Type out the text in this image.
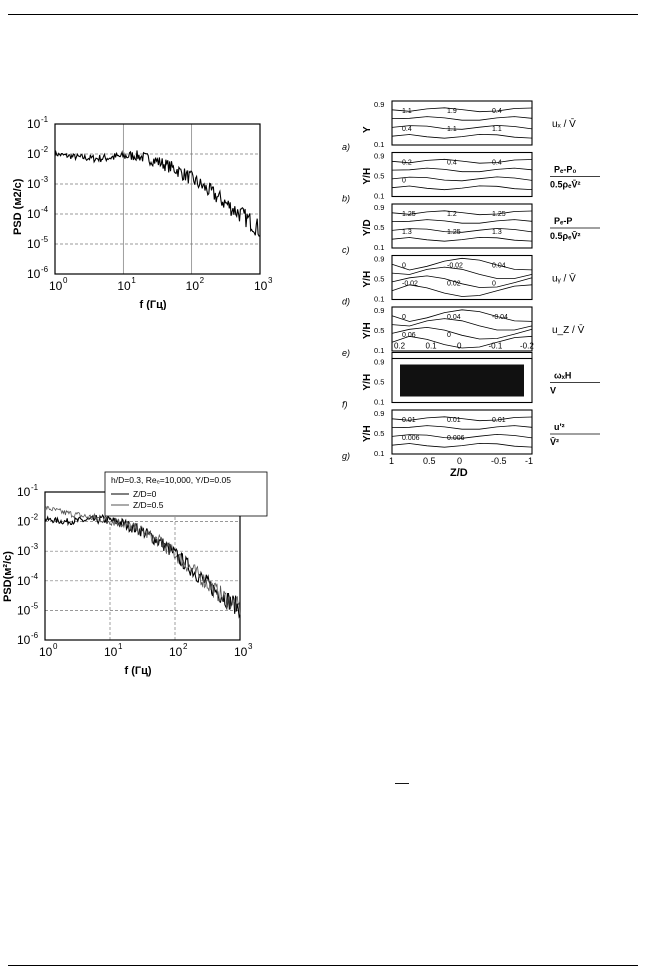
10 0	10 1	10 2	10 3
10 -1
10 -2
10 -3
10 -4
10 -5
10 -6
f (Гц)
PSD (м2/с)
10 0	10 1	10 2	10 3
10 -1
10 -2
10 -3
10 -4
10 -5
10 -6
f (Гц)
PSD(м²/с)
h/D=0.3, Reₑ=10,000, Y/D=0.05
Z/D=0
Z/D=0.5
1.1	1.9	0.4
0.4	1.1	1.1
0.9
0.1
Y
a)
uₓ / V̄
0.2	0.4	0.4
0
0.9
0.5
0.1
Y/H
b)
Pₑ-P₀
0.5ρₑV̄²
1.25	1.2	1.25
1.3	1.25	1.3
0.9
0.5
0.1
Y/D
c)
Pₑ-P
0.5ρₑV̄²
0	-0.02	0.04
-0.02	0.02	0
0.9
0.5
0.1
Y/H
d)
uᵧ / V̄
0	0.04	-0.04
0.06	0
0.9
0.5
0.1
Y/H
e)
u_Z / V̄
0.2	0.1	0	-0.1 -0.2
0.9
0.5
0.1
Y/H
f)
ωₓH
V
0.01	0.01	0.01
0.006	0.006
0.9
0.5
0.1
Y/H
g)
u'²
V̄²
1	0.5 0	-0.5 -1
Z/D
—
